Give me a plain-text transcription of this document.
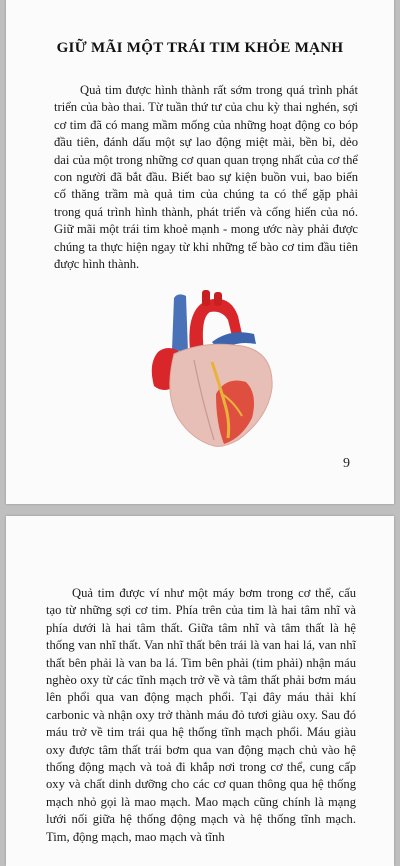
GIỮ MÃI MỘT TRÁI TIM KHỎE MẠNH

Quả tim được hình thành rất sớm trong quá trình phát triển của bào thai. Từ tuần thứ tư của chu kỳ thai nghén, sợi cơ tim đã có mang mầm mống của những hoạt động co bóp đầu tiên, đánh dấu một sự lao động miệt mài, bền bỉ, dẻo dai của một trong những cơ quan quan trọng nhất của cơ thể con người đã bắt đầu. Biết bao sự kiện buồn vui, bao biến cố thăng trầm mà quả tim của chúng ta có thể gặp phải trong quá trình hình thành, phát triển và cống hiến của nó. Giữ mãi một trái tim khoẻ mạnh - mong ước này phải được chúng ta thực hiện ngay từ khi những tế bào cơ tim đầu tiên được hình thành.

9

Quả tim được ví như một máy bơm trong cơ thể, cấu tạo từ những sợi cơ tim. Phía trên của tim là hai tâm nhĩ và phía dưới là hai tâm thất. Giữa tâm nhĩ và tâm thất là hệ thống van nhĩ thất. Van nhĩ thất bên trái là van hai lá, van nhĩ thất bên phải là van ba lá. Tim bên phải (tim phải) nhận máu nghèo oxy từ các tĩnh mạch trở về và tâm thất phải bơm máu lên phổi qua van động mạch phổi. Tại đây máu thải khí carbonic và nhận oxy trở thành máu đỏ tươi giàu oxy. Sau đó máu trở về tim trái qua hệ thống tĩnh mạch phổi. Máu giàu oxy được tâm thất trái bơm qua van động mạch chủ vào hệ thống động mạch và toả đi khắp nơi trong cơ thể, cung cấp oxy và chất dinh dưỡng cho các cơ quan thông qua hệ thống mạch nhỏ gọi là mao mạch. Mao mạch cũng chính là mạng lưới nối giữa hệ thống động mạch và hệ thống tĩnh mạch. Tim, động mạch, mao mạch và tĩnh
